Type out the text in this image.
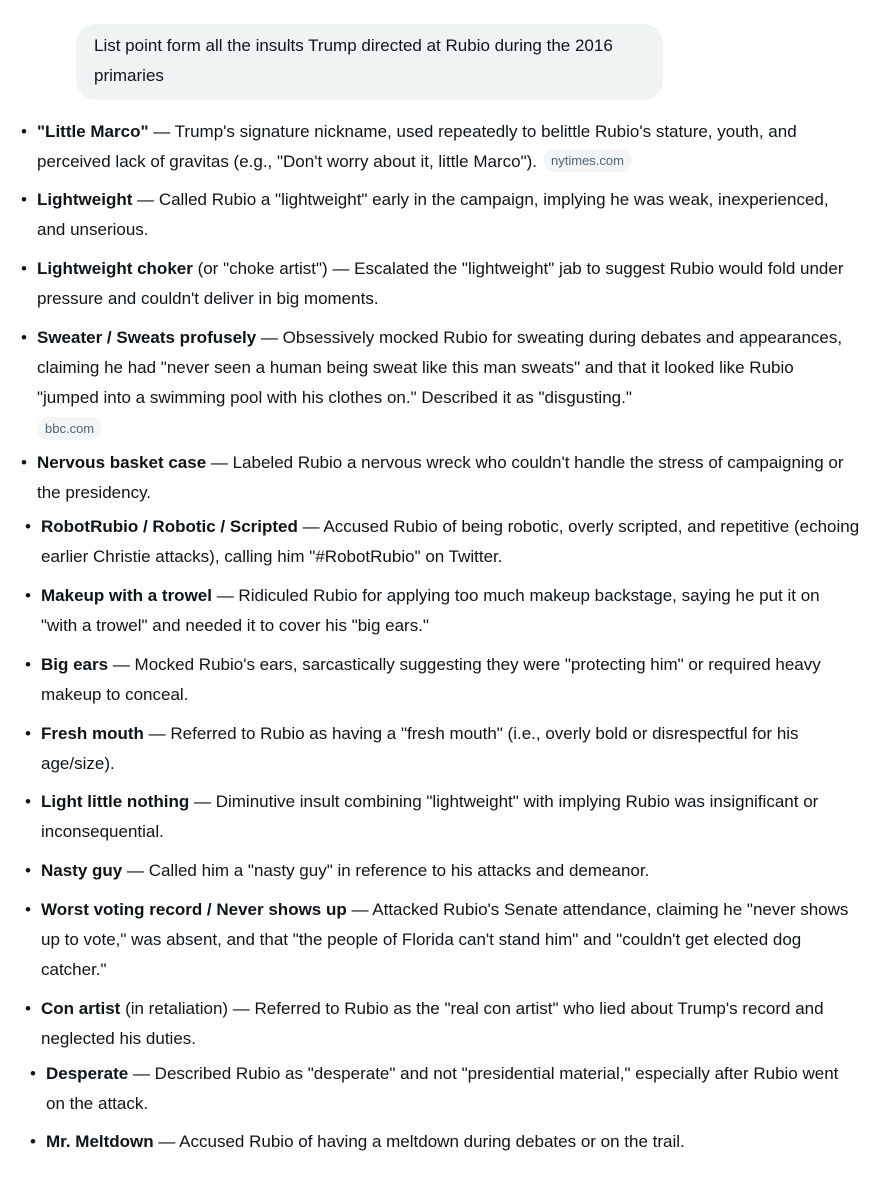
List point form all the insults Trump directed at Rubio during the 2016 primaries
• "Little Marco" — Trump's signature nickname, used repeatedly to belittle Rubio's stature, youth, and perceived lack of gravitas (e.g., "Don't worry about it, little Marco"). nytimes.com
• Lightweight — Called Rubio a "lightweight" early in the campaign, implying he was weak, inexperienced, and unserious.
• Lightweight choker (or "choke artist") — Escalated the "lightweight" jab to suggest Rubio would fold under pressure and couldn't deliver in big moments.
• Sweater / Sweats profusely — Obsessively mocked Rubio for sweating during debates and appearances, claiming he had "never seen a human being sweat like this man sweats" and that it looked like Rubio "jumped into a swimming pool with his clothes on." Described it as "disgusting."
bbc.com
• Nervous basket case — Labeled Rubio a nervous wreck who couldn't handle the stress of campaigning or the presidency.
• RobotRubio / Robotic / Scripted — Accused Rubio of being robotic, overly scripted, and repetitive (echoing earlier Christie attacks), calling him "#RobotRubio" on Twitter.
• Makeup with a trowel — Ridiculed Rubio for applying too much makeup backstage, saying he put it on "with a trowel" and needed it to cover his "big ears."
• Big ears — Mocked Rubio's ears, sarcastically suggesting they were "protecting him" or required heavy makeup to conceal.
• Fresh mouth — Referred to Rubio as having a "fresh mouth" (i.e., overly bold or disrespectful for his age/size).
• Light little nothing — Diminutive insult combining "lightweight" with implying Rubio was insignificant or inconsequential.
• Nasty guy — Called him a "nasty guy" in reference to his attacks and demeanor.
• Worst voting record / Never shows up — Attacked Rubio's Senate attendance, claiming he "never shows up to vote," was absent, and that "the people of Florida can't stand him" and "couldn't get elected dog catcher."
• Con artist (in retaliation) — Referred to Rubio as the "real con artist" who lied about Trump's record and neglected his duties.
• Desperate — Described Rubio as "desperate" and not "presidential material," especially after Rubio went on the attack.
• Mr. Meltdown — Accused Rubio of having a meltdown during debates or on the trail.
